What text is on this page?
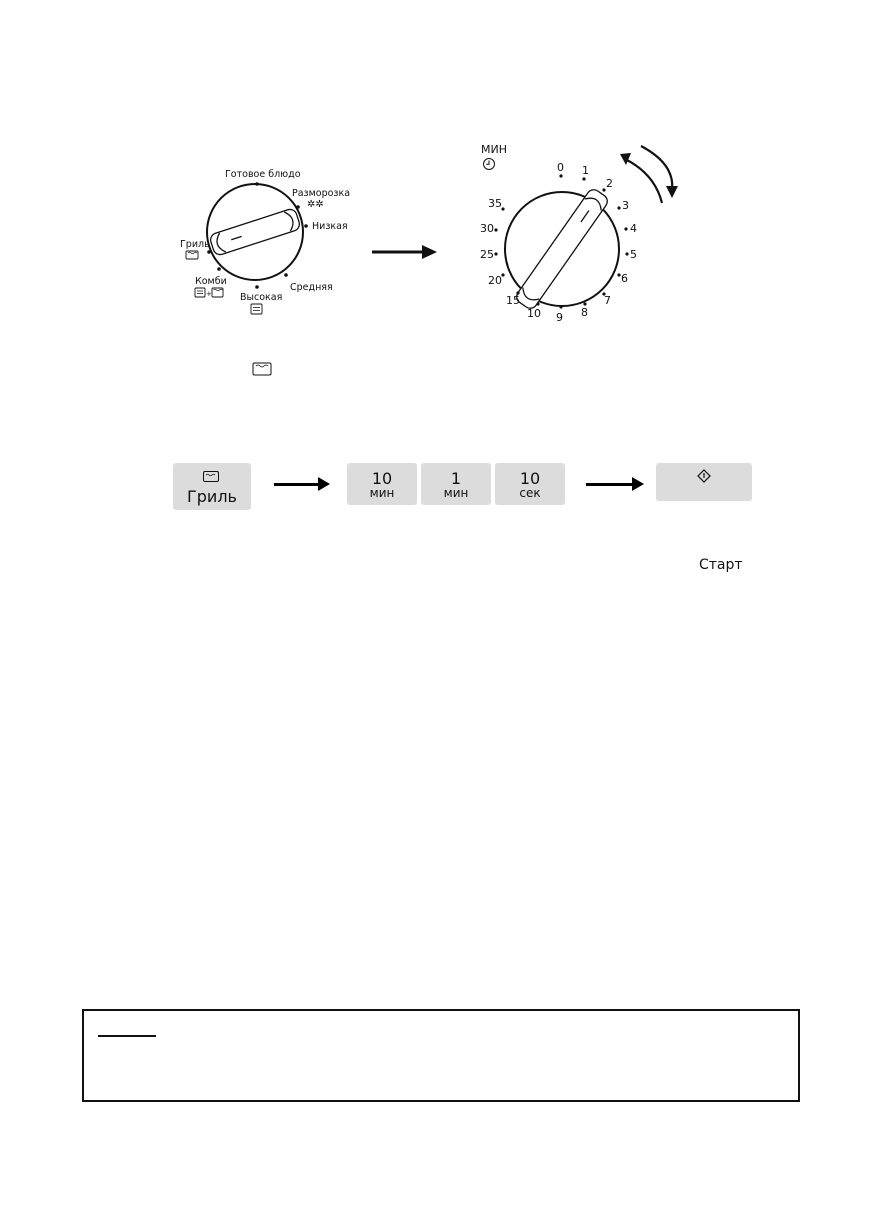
Готовое блюдо
Разморозка
✲✲
Низкая
Средняя
Высокая
Комби
Гриль
+
МИН
0 1
2
3
4
5
6
7
8
9
10
15
20
25
30
35
Гриль
10
мин
1
мин
10
сек
Старт
